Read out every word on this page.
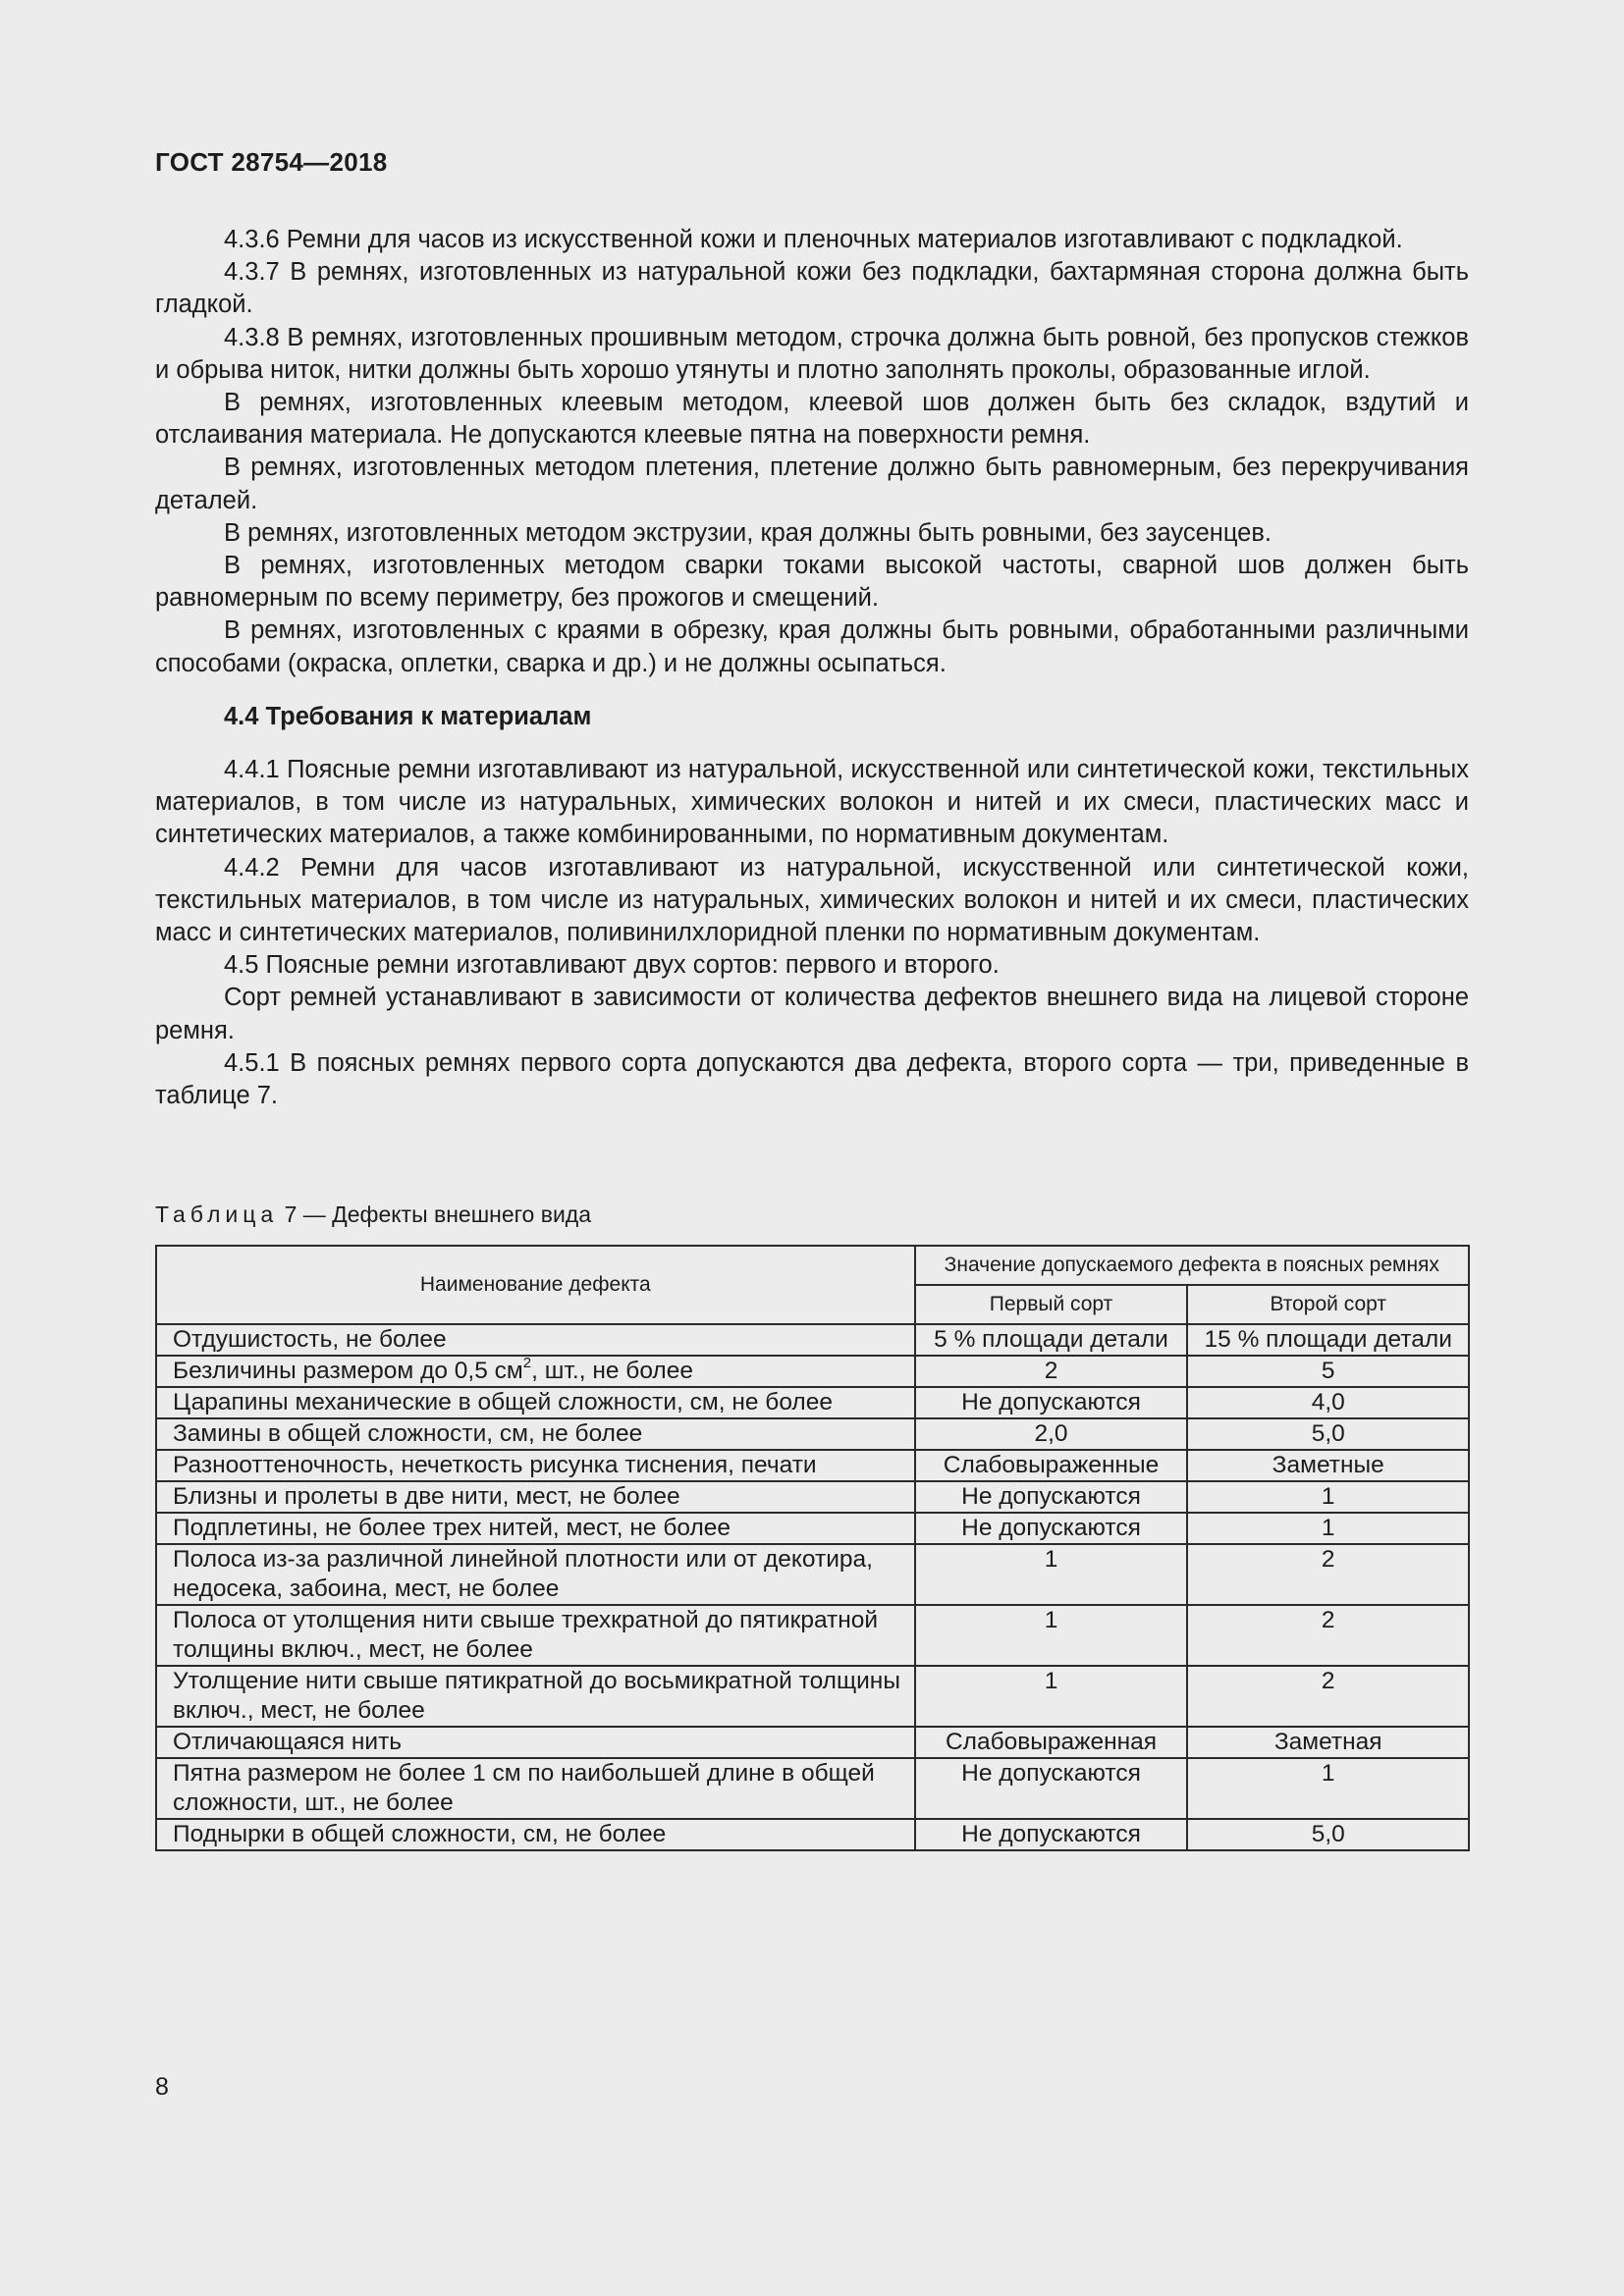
ГОСТ 28754—2018

4.3.6 Ремни для часов из искусственной кожи и пленочных материалов изготавливают с подкладкой.

4.3.7 В ремнях, изготовленных из натуральной кожи без подкладки, бахтармяная сторона должна быть гладкой.

4.3.8 В ремнях, изготовленных прошивным методом, строчка должна быть ровной, без пропусков стежков и обрыва ниток, нитки должны быть хорошо утянуты и плотно заполнять проколы, образованные иглой.

В ремнях, изготовленных клеевым методом, клеевой шов должен быть без складок, вздутий и отслаивания материала. Не допускаются клеевые пятна на поверхности ремня.

В ремнях, изготовленных методом плетения, плетение должно быть равномерным, без перекручивания деталей.

В ремнях, изготовленных методом экструзии, края должны быть ровными, без заусенцев.

В ремнях, изготовленных методом сварки токами высокой частоты, сварной шов должен быть равномерным по всему периметру, без прожогов и смещений.

В ремнях, изготовленных с краями в обрезку, края должны быть ровными, обработанными различными способами (окраска, оплетки, сварка и др.) и не должны осыпаться.

4.4 Требования к материалам

4.4.1 Поясные ремни изготавливают из натуральной, искусственной или синтетической кожи, текстильных материалов, в том числе из натуральных, химических волокон и нитей и их смеси, пластических масс и синтетических материалов, а также комбинированными, по нормативным документам.

4.4.2 Ремни для часов изготавливают из натуральной, искусственной или синтетической кожи, текстильных материалов, в том числе из натуральных, химических волокон и нитей и их смеси, пластических масс и синтетических материалов, поливинилхлоридной пленки по нормативным документам.

4.5 Поясные ремни изготавливают двух сортов: первого и второго.

Сорт ремней устанавливают в зависимости от количества дефектов внешнего вида на лицевой стороне ремня.

4.5.1 В поясных ремнях первого сорта допускаются два дефекта, второго сорта — три, приведенные в таблице 7.

Таблица 7 — Дефекты внешнего вида
Наименование дефекта	Значение допускаемого дефекта в поясных ремнях	
	Первый сорт	Второй сорт
Отдушистость, не более	5 % площади детали	15 % площади детали
Безличины размером до 0,5 $см^2$, шт., не более	2	5
Царапины механические в общей сложности, см, не более	Не допускаются	4,0
Замины в общей сложности, см, не более	2,0	5,0
Разнооттеночность, нечеткость рисунка тиснения, печати	Слабовыраженные	Заметные
Близны и пролеты в две нити, мест, не более	Не допускаются	1
Подплетины, не более трех нитей, мест, не более	Не допускаются	1
Полоса из-за различной линейной плотности или от декотира, недосека, забоина, мест, не более	1	2
Полоса от утолщения нити свыше трехкратной до пятикратной толщины включ., мест, не более	1	2
Утолщение нити свыше пятикратной до восьмикратной толщины включ., мест, не более	1	2
Отличающаяся нить	Слабовыраженная	Заметная
Пятна размером не более 1 см по наибольшей длине в общей сложности, шт., не более	Не допускаются	1
Поднырки в общей сложности, см, не более	Не допускаются	5,0
8
